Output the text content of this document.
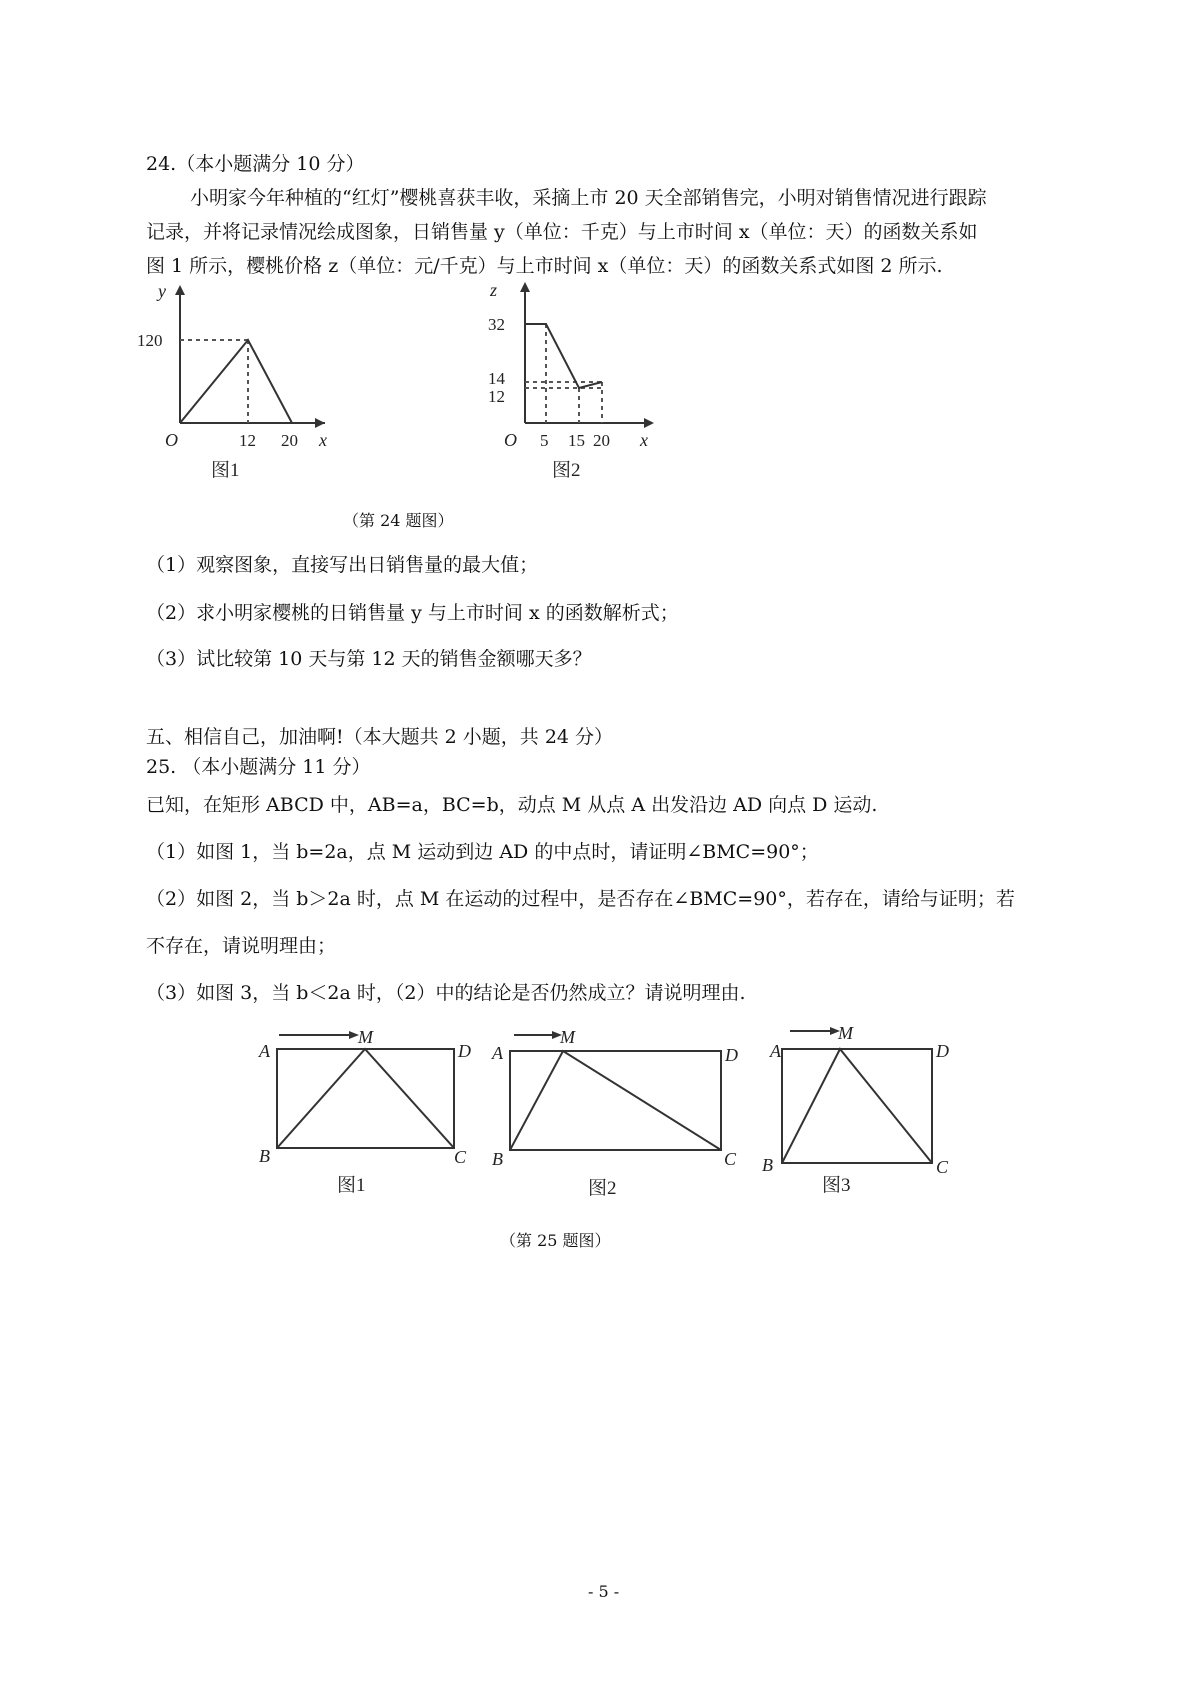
24.（本小题满分 10 分）
小明家今年种植的“红灯”樱桃喜获丰收，采摘上市 20 天全部销售完，小明对销售情况进行跟踪
记录，并将记录情况绘成图象，日销售量 y（单位：千克）与上市时间 x（单位：天）的函数关系如
图 1 所示，樱桃价格 z（单位：元/千克）与上市时间 x（单位：天）的函数关系式如图 2 所示.
y
120
O	12 20 x
图1
z
32
14
12
O 5 15 20 x
图2
（第 24 题图）
（1）观察图象，直接写出日销售量的最大值；
（2）求小明家樱桃的日销售量 y 与上市时间 x 的函数解析式；
（3）试比较第 10 天与第 12 天的销售金额哪天多？
五、相信自己，加油啊!（本大题共 2 小题，共 24 分）
25. （本小题满分 11 分）
已知，在矩形 ABCD 中，AB=a，BC=b，动点 M 从点 A 出发沿边 AD 向点 D 运动.
（1）如图 1，当 b=2a，点 M 运动到边 AD 的中点时，请证明∠BMC=90°；
（2）如图 2，当 b＞2a 时，点 M 在运动的过程中，是否存在∠BMC=90°，若存在，请给与证明；若
不存在，请说明理由；
（3）如图 3，当 b＜2a 时，（2）中的结论是否仍然成立？请说明理由.
A
M
D
B	C
图1
A
M
D
B	C
图2
A
M
D
B	C
图3
（第 25 题图）
- 5 -
